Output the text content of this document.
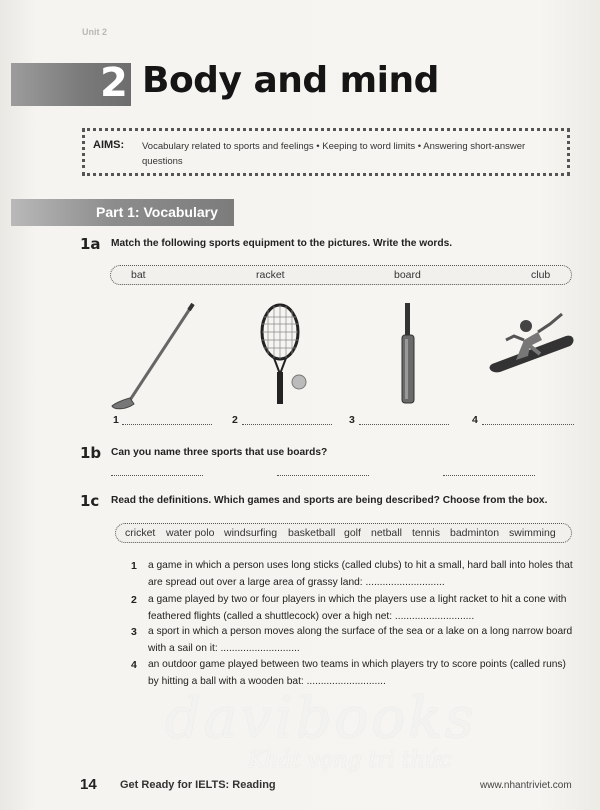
Unit 2
2 Body and mind
AIMS: Vocabulary related to sports and feelings • Keeping to word limits • Answering short-answer questions
Part 1: Vocabulary
1a Match the following sports equipment to the pictures. Write the words.
bat	racket	board	club
1	2	3	4
1b Can you name three sports that use boards?
1c Read the definitions. Which games and sports are being described? Choose from the box.
cricket water polo windsurfing basketball golf netball tennis badminton swimming
1 a game in which a person uses long sticks (called clubs) to hit a small, hard ball into holes that are spread out over a large area of grassy land: ............................
2 a game played by two or four players in which the players use a light racket to hit a cone with feathered flights (called a shuttlecock) over a high net: ............................
3 a sport in which a person moves along the surface of the sea or a lake on a long narrow board with a sail on it: ............................
4 an outdoor game played between two teams in which players try to score points (called runs) by hitting a ball with a wooden bat: ............................
davibooks
Khát vọng tri thức
14 Get Ready for IELTS: Reading	www.nhantriviet.com
